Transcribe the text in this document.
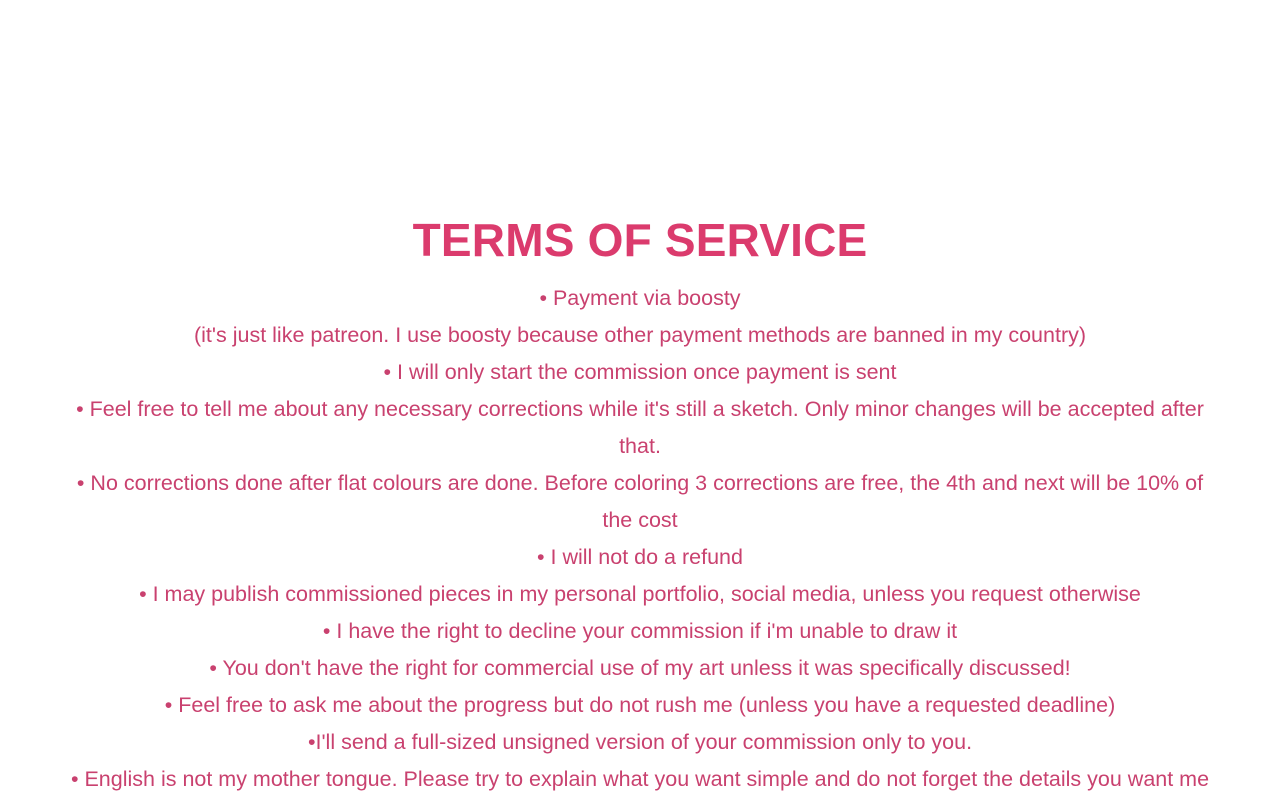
TERMS OF SERVICE
• Payment via boosty
(it's just like patreon. I use boosty because other payment methods are banned in my country)
• I will only start the commission once payment is sent
• Feel free to tell me about any necessary corrections while it's still a sketch. Only minor changes will be accepted after that.
• No corrections done after flat colours are done. Before coloring 3 corrections are free, the 4th and next will be 10% of the cost
• I will not do a refund
• I may publish commissioned pieces in my personal portfolio, social media, unless you request otherwise
• I have the right to decline your commission if i'm unable to draw it
• You don't have the right for commercial use of my art unless it was specifically discussed!
• Feel free to ask me about the progress but do not rush me (unless you have a requested deadline)
•I'll send a full-sized unsigned version of your commission only to you.
• English is not my mother tongue. Please try to explain what you want simple and do not forget the details you want me
